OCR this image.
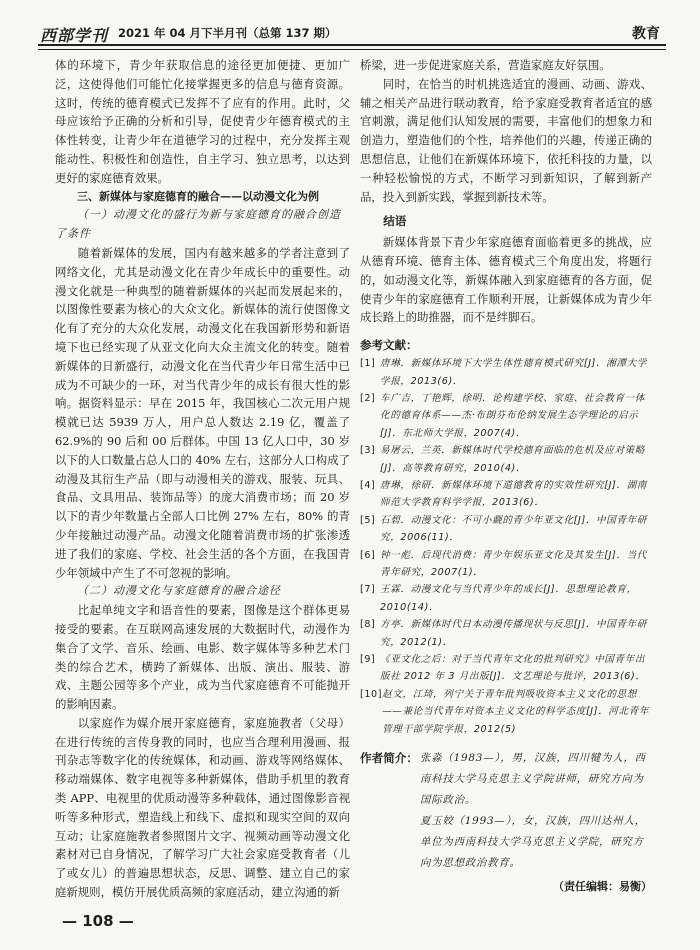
西部学刊 2021 年 04 月下半月刊（总第 137 期）	教育

体的环境下，青少年获取信息的途径更加便捷、更加广泛，这使得他们可能忙化接掌握更多的信息与德育资源。这时，传统的德育模式已发挥不了应有的作用。此时，父母应该给予正确的分析和引导，促使青少年德育模式的主体性转变，让青少年在道德学习的过程中，充分发挥主观能动性、积极性和创造性，自主学习、独立思考，以达到更好的家庭德育效果。

三、新媒体与家庭德育的融合——以动漫文化为例

（一）动漫文化的盛行为新与家庭德育的融合创造了条件

随着新媒体的发展，国内有越来越多的学者注意到了网络文化，尤其是动漫文化在青少年成长中的重要性。动漫文化就是一种典型的随着新媒体的兴起而发展起来的，以图像性要素为核心的大众文化。新媒体的流行使图像文化有了充分的大众化发展，动漫文化在我国新形势和新语境下也已经实现了从亚文化向大众主流文化的转变。随着新媒体的日新盛行，动漫文化在当代青少年日常生活中已成为不可缺少的一环，对当代青少年的成长有很大性的影响。据资料显示：早在 2015 年，我国核心二次元用户规模就已达 5939 万人，用户总人数达 2.19 亿，覆盖了 62.9%的 90 后和 00 后群体。中国 13 亿人口中，30 岁以下的人口数量占总人口的 40% 左右，这部分人口构成了动漫及其衍生产品（即与动漫相关的游戏、服装、玩具、食品、文具用品、装饰品等）的庞大消费市场；而 20 岁以下的青少年数量占全部人口比例 27% 左右，80% 的青少年接触过动漫产品。动漫文化随着消费市场的扩张渗透进了我们的家庭、学校、社会生活的各个方面，在我国青少年领域中产生了不可忽视的影响。

（二）动漫文化与家庭德育的融合途径

比起单纯文字和语音性的要素，图像是这个群体更易接受的要素。在互联网高速发展的大数据时代，动漫作为集合了文学、音乐、绘画、电影、数字媒体等多种艺术门类的综合艺术，横跨了新媒体、出版、演出、服装、游戏、主题公园等多个产业，成为当代家庭德育不可能抛开的影响因素。

以家庭作为媒介展开家庭德育，家庭施教者（父母）在进行传统的言传身教的同时，也应当合理利用漫画、报刊杂志等数字化的传统媒体，和动画、游戏等网络媒体、移动端媒体、数字电视等多种新媒体，借助手机里的教育类 APP、电视里的优质动漫等多种载体，通过图像影音视听等多种形式，塑造线上和线下、虚拟和现实空间的双向互动；让家庭施教者参照图片文字、视频动画等动漫文化素材对已自身情况，了解学习广大社会家庭受教育者（儿了或女儿）的普遍思想状态，反思、调整、建立自己的家庭新规则，模仿开展优质高频的家庭活动，建立沟通的新

桥梁，进一步促进家庭关系，营造家庭友好氛围。

同时，在恰当的时机挑选适宜的漫画、动画、游戏、辅之相关产品进行联动教育，给予家庭受教育者适宜的感官刺激，满足他们认知发展的需要，丰富他们的想象力和创造力，塑造他们的个性，培养他们的兴趣，传递正确的思想信息，让他们在新媒体环境下，依托科技的力量，以一种轻松愉悦的方式，不断学习到新知识，了解到新产品，投入到新实践，掌握到新技术等。

结语

新媒体背景下青少年家庭德育面临着更多的挑战，应从德育环境、德育主体、德育模式三个角度出发，将题行的，如动漫文化等，新媒体融入到家庭德育的各方面，促使青少年的家庭德育工作顺利开展，让新媒体成为青少年成长路上的助推器，而不是绊脚石。

参考文献：
[1] 唐琳．新媒体环境下大学生体性德育模式研究[J]．湘潭大学学报，2013(6)．
[2] 车广吉，丁艳辉，徐明．论构建学校、家庭、社会教育一体化的德育体系——杰·布朗芬布伦纳发展生态学理论的启示[J]．东北师大学报，2007(4)．
[3] 易屠云，兰英．新媒体时代学校德育面临的危机及应对策略[J]．高等教育研究，2010(4)．
[4] 唐琳，徐研．新媒体环境下道德教育的实效性研究[J]．湖南师范大学教育科学学报，2013(6)．
[5] 石碧．动漫文化：不可小觑的青少年亚文化[J]．中国青年研究，2006(11)．
[6] 钟一彪．后现代消费：青少年娱乐亚文化及其发生[J]．当代青年研究，2007(1)．
[7] 王霖．动漫文化与当代青少年的成长[J]．思想理论教育，2010(14)．
[8] 方亭．新媒体时代日本动漫传播现状与反思[J]．中国青年研究，2012(1)．
[9] 《亚文化之后：对于当代青年文化的批判研究》中国青年出版社 2012 年 3 月出版[J]．文艺理论与批评，2013(6)．
[10] 赵文，江琦，列宁关于青年批判吸收资本主义文化的思想——兼论当代青年对资本主义文化的科学态度[J]．河北青年管理干部学院学报，2012(5)
作者简介： 张淼（1983—），男，汉族，四川犍为人，西南科技大学马克思主义学院讲师，研究方向为国际政治。

夏玉姣（1993—），女，汉族，四川达州人，单位为西南科技大学马克思主义学院，研究方向为思想政治教育。

（责任编辑：易衡）
— 108 —
